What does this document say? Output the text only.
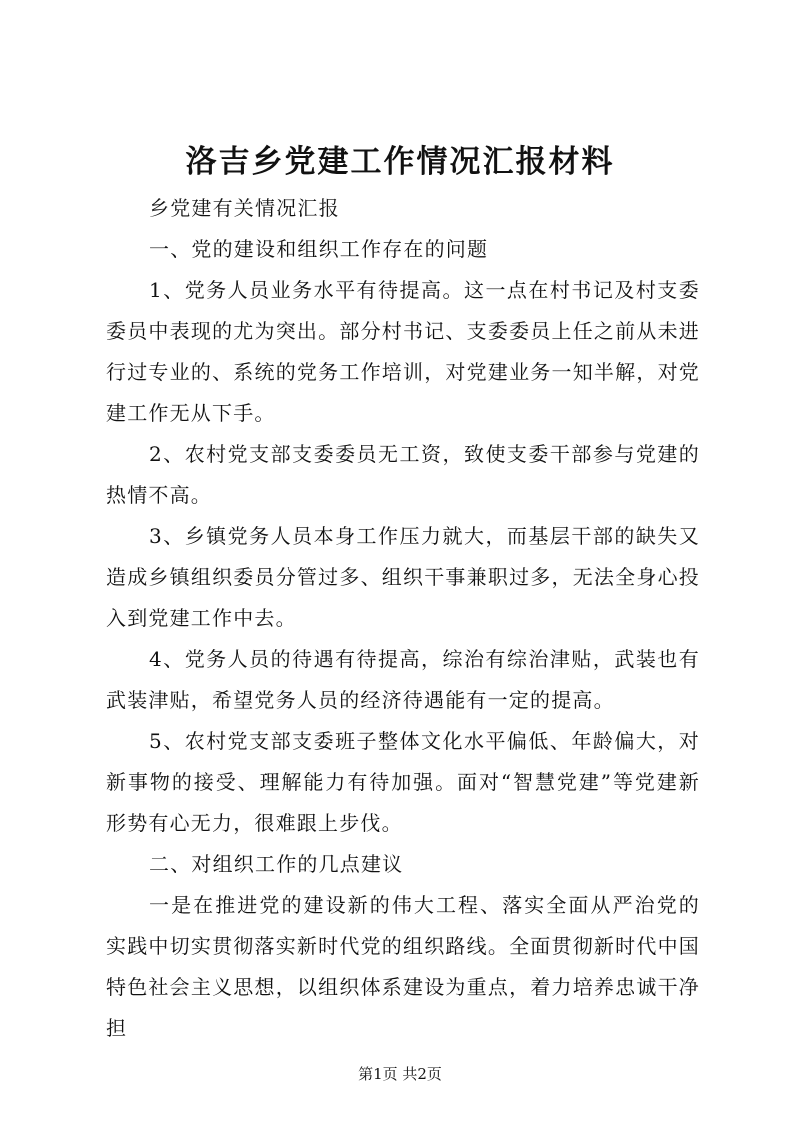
洛吉乡党建工作情况汇报材料

乡党建有关情况汇报

一、党的建设和组织工作存在的问题

1、党务人员业务水平有待提高。这一点在村书记及村支委委员中表现的尤为突出。部分村书记、支委委员上任之前从未进行过专业的、系统的党务工作培训，对党建业务一知半解，对党建工作无从下手。

2、农村党支部支委委员无工资，致使支委干部参与党建的热情不高。

3、乡镇党务人员本身工作压力就大，而基层干部的缺失又造成乡镇组织委员分管过多、组织干事兼职过多，无法全身心投入到党建工作中去。

4、党务人员的待遇有待提高，综治有综治津贴，武装也有武装津贴，希望党务人员的经济待遇能有一定的提高。

5、农村党支部支委班子整体文化水平偏低、年龄偏大，对新事物的接受、理解能力有待加强。面对“智慧党建”等党建新形势有心无力，很难跟上步伐。

二、对组织工作的几点建议

一是在推进党的建设新的伟大工程、落实全面从严治党的实践中切实贯彻落实新时代党的组织路线。全面贯彻新时代中国特色社会主义思想，以组织体系建设为重点，着力培养忠诚干净担

第1页 共2页
